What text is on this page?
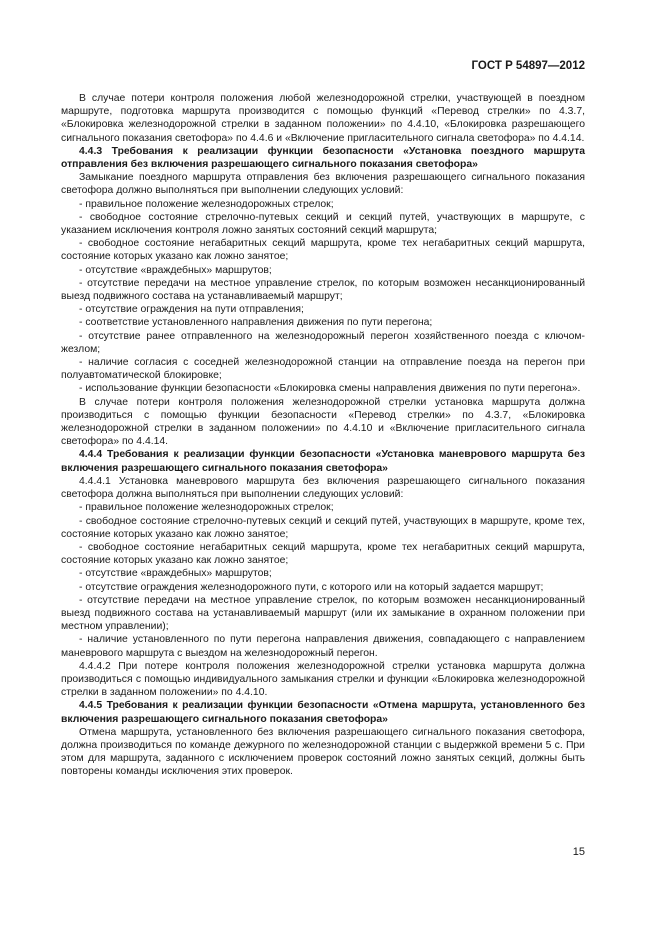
ГОСТ Р 54897—2012

В случае потери контроля положения любой железнодорожной стрелки, участвующей в поездном маршруте, подготовка маршрута производится с помощью функций «Перевод стрелки» по 4.3.7, «Блокировка железнодорожной стрелки в заданном положении» по 4.4.10, «Блокировка разрешающего сигнального показания светофора» по 4.4.6 и «Включение пригласительного сигнала светофора» по 4.4.14.

4.4.3 Требования к реализации функции безопасности «Установка поездного маршрута отправления без включения разрешающего сигнального показания светофора»

Замыкание поездного маршрута отправления без включения разрешающего сигнального показания светофора должно выполняться при выполнении следующих условий:

- правильное положение железнодорожных стрелок;

- свободное состояние стрелочно-путевых секций и секций путей, участвующих в маршруте, с указанием исключения контроля ложно занятых состояний секций маршрута;

- свободное состояние негабаритных секций маршрута, кроме тех негабаритных секций маршрута, состояние которых указано как ложно занятое;

- отсутствие «враждебных» маршрутов;

- отсутствие передачи на местное управление стрелок, по которым возможен несанкционированный выезд подвижного состава на устанавливаемый маршрут;

- отсутствие ограждения на пути отправления;

- соответствие установленного направления движения по пути перегона;

- отсутствие ранее отправленного на железнодорожный перегон хозяйственного поезда с ключом-жезлом;

- наличие согласия с соседней железнодорожной станции на отправление поезда на перегон при полуавтоматической блокировке;

- использование функции безопасности «Блокировка смены направления движения по пути перегона».

В случае потери контроля положения железнодорожной стрелки установка маршрута должна производиться с помощью функции безопасности «Перевод стрелки» по 4.3.7, «Блокировка железнодорожной стрелки в заданном положении» по 4.4.10 и «Включение пригласительного сигнала светофора» по 4.4.14.

4.4.4 Требования к реализации функции безопасности «Установка маневрового маршрута без включения разрешающего сигнального показания светофора»

4.4.4.1 Установка маневрового маршрута без включения разрешающего сигнального показания светофора должна выполняться при выполнении следующих условий:

- правильное положение железнодорожных стрелок;

- свободное состояние стрелочно-путевых секций и секций путей, участвующих в маршруте, кроме тех, состояние которых указано как ложно занятое;

- свободное состояние негабаритных секций маршрута, кроме тех негабаритных секций маршрута, состояние которых указано как ложно занятое;

- отсутствие «враждебных» маршрутов;

- отсутствие ограждения железнодорожного пути, с которого или на который задается маршрут;

- отсутствие передачи на местное управление стрелок, по которым возможен несанкционированный выезд подвижного состава на устанавливаемый маршрут (или их замыкание в охранном положении при местном управлении);

- наличие установленного по пути перегона направления движения, совпадающего с направлением маневрового маршрута с выездом на железнодорожный перегон.

4.4.4.2 При потере контроля положения железнодорожной стрелки установка маршрута должна производиться с помощью индивидуального замыкания стрелки и функции «Блокировка железнодорожной стрелки в заданном положении» по 4.4.10.

4.4.5 Требования к реализации функции безопасности «Отмена маршрута, установленного без включения разрешающего сигнального показания светофора»

Отмена маршрута, установленного без включения разрешающего сигнального показания светофора, должна производиться по команде дежурного по железнодорожной станции с выдержкой времени 5 с. При этом для маршрута, заданного с исключением проверок состояний ложно занятых секций, должны быть повторены команды исключения этих проверок.

15
